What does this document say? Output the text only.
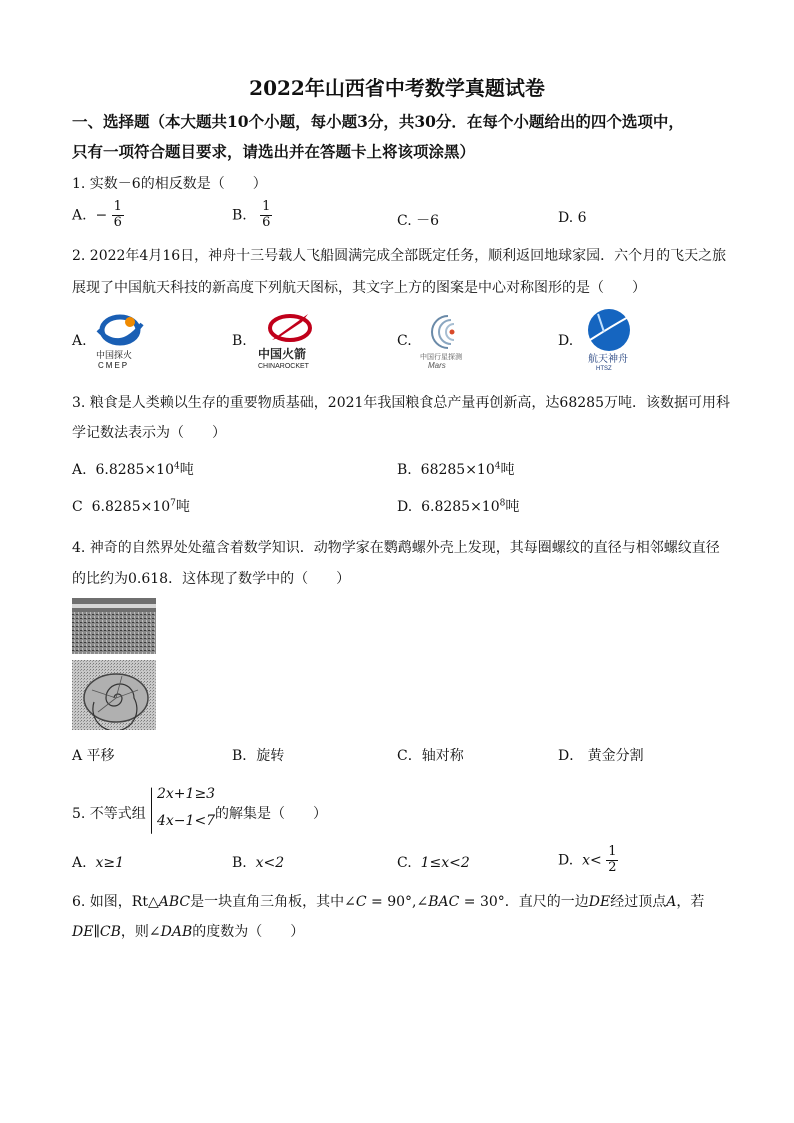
2022年山西省中考数学真题试卷
一、选择题（本大题共10个小题，每小题3分，共30分．在每个小题给出的四个选项中，
只有一项符合题目要求，请选出并在答题卡上将该项涂黑）
1. 实数－6的相反数是（　　）
A. − $\frac{1}{6}$	B. $\frac{1}{6}$	C. －6	D. 6
2. 2022年4月16日，神舟十三号载人飞船圆满完成全部既定任务，顺利返回地球家园．六个月的飞天之旅
展现了中国航天科技的新高度下列航天图标，其文字上方的图案是中心对称图形的是（　　）
A.
中国探火
CMEP
B.
中国火箭
CHINAROCKET
C.
中国行星探测
Mars
D.
航天神舟
HTSZ
3. 粮食是人类赖以生存的重要物质基础，2021年我国粮食总产量再创新高，达68285万吨．该数据可用科
学记数法表示为（　　）
A. $6.8285\times 10^4$吨	B. $68285\times 10^4$吨
C $6.8285\times 10^7$吨	D. $6.8285\times 10^8$吨
4. 神奇的自然界处处蕴含着数学知识．动物学家在鹦鹉螺外壳上发现，其每圈螺纹的直径与相邻螺纹直径
的比约为0.618．这体现了数学中的（　　）
A 平移	B．旋转	C．轴对称	D． 黄金分割
5. 不等式组
2x+1≥3
4x−1<7 的解集是（　　）
A. x≥1	B. x<2	C. 1≤x<2	D. $x< \frac{1}{2}$
6. 如图，Rt△ABC是一块直角三角板，其中∠C = 90°,∠BAC = 30°．直尺的一边DE经过顶点A，若
DE∥CB，则∠DAB的度数为（　　）
